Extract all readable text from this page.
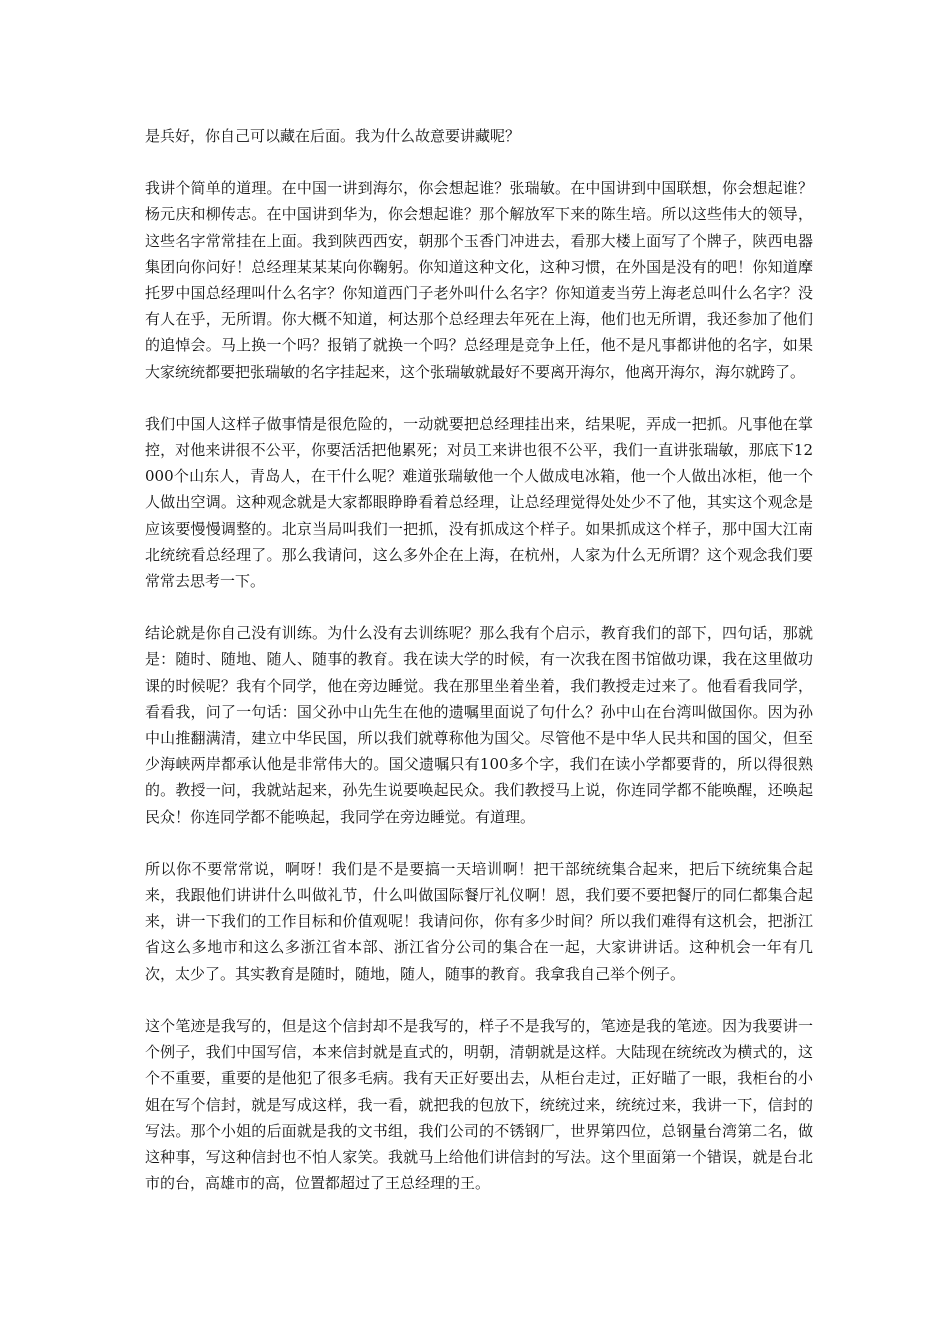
是兵好，你自己可以藏在后面。我为什么故意要讲藏呢？

我讲个简单的道理。在中国一讲到海尔，你会想起谁？张瑞敏。在中国讲到中国联想，你会想起谁？杨元庆和柳传志。在中国讲到华为，你会想起谁？那个解放军下来的陈生培。所以这些伟大的领导，这些名字常常挂在上面。我到陕西西安，朝那个玉香门冲进去，看那大楼上面写了个牌子，陕西电器集团向你问好！总经理某某某向你鞠躬。你知道这种文化，这种习惯，在外国是没有的吧！你知道摩托罗中国总经理叫什么名字？你知道西门子老外叫什么名字？你知道麦当劳上海老总叫什么名字？没有人在乎，无所谓。你大概不知道，柯达那个总经理去年死在上海，他们也无所谓，我还参加了他们的追悼会。马上换一个吗？报销了就换一个吗？总经理是竞争上任，他不是凡事都讲他的名字，如果大家统统都要把张瑞敏的名字挂起来，这个张瑞敏就最好不要离开海尔，他离开海尔，海尔就跨了。

我们中国人这样子做事情是很危险的，一动就要把总经理挂出来，结果呢，弄成一把抓。凡事他在掌控，对他来讲很不公平，你要活活把他累死；对员工来讲也很不公平，我们一直讲张瑞敏，那底下12000个山东人，青岛人，在干什么呢？难道张瑞敏他一个人做成电冰箱，他一个人做出冰柜，他一个人做出空调。这种观念就是大家都眼睁睁看着总经理，让总经理觉得处处少不了他，其实这个观念是应该要慢慢调整的。北京当局叫我们一把抓，没有抓成这个样子。如果抓成这个样子，那中国大江南北统统看总经理了。那么我请问，这么多外企在上海，在杭州，人家为什么无所谓？这个观念我们要常常去思考一下。

结论就是你自己没有训练。为什么没有去训练呢？那么我有个启示，教育我们的部下，四句话，那就是：随时、随地、随人、随事的教育。我在读大学的时候，有一次我在图书馆做功课，我在这里做功课的时候呢？我有个同学，他在旁边睡觉。我在那里坐着坐着，我们教授走过来了。他看看我同学，看看我，问了一句话：国父孙中山先生在他的遗嘱里面说了句什么？孙中山在台湾叫做国你。因为孙中山推翻满清，建立中华民国，所以我们就尊称他为国父。尽管他不是中华人民共和国的国父，但至少海峡两岸都承认他是非常伟大的。国父遗嘱只有100多个字，我们在读小学都要背的，所以得很熟的。教授一问，我就站起来，孙先生说要唤起民众。我们教授马上说，你连同学都不能唤醒，还唤起民众！你连同学都不能唤起，我同学在旁边睡觉。有道理。

所以你不要常常说，啊呀！我们是不是要搞一天培训啊！把干部统统集合起来，把后下统统集合起来，我跟他们讲讲什么叫做礼节，什么叫做国际餐厅礼仪啊！恩，我们要不要把餐厅的同仁都集合起来，讲一下我们的工作目标和价值观呢！我请问你，你有多少时间？所以我们难得有这机会，把浙江省这么多地市和这么多浙江省本部、浙江省分公司的集合在一起，大家讲讲话。这种机会一年有几次，太少了。其实教育是随时，随地，随人，随事的教育。我拿我自己举个例子。

这个笔迹是我写的，但是这个信封却不是我写的，样子不是我写的，笔迹是我的笔迹。因为我要讲一个例子，我们中国写信，本来信封就是直式的，明朝，清朝就是这样。大陆现在统统改为横式的，这个不重要，重要的是他犯了很多毛病。我有天正好要出去，从柜台走过，正好瞄了一眼，我柜台的小姐在写个信封，就是写成这样，我一看，就把我的包放下，统统过来，统统过来，我讲一下，信封的写法。那个小姐的后面就是我的文书组，我们公司的不锈钢厂，世界第四位，总钢量台湾第二名，做这种事，写这种信封也不怕人家笑。我就马上给他们讲信封的写法。这个里面第一个错误，就是台北市的台，高雄市的高，位置都超过了王总经理的王。
